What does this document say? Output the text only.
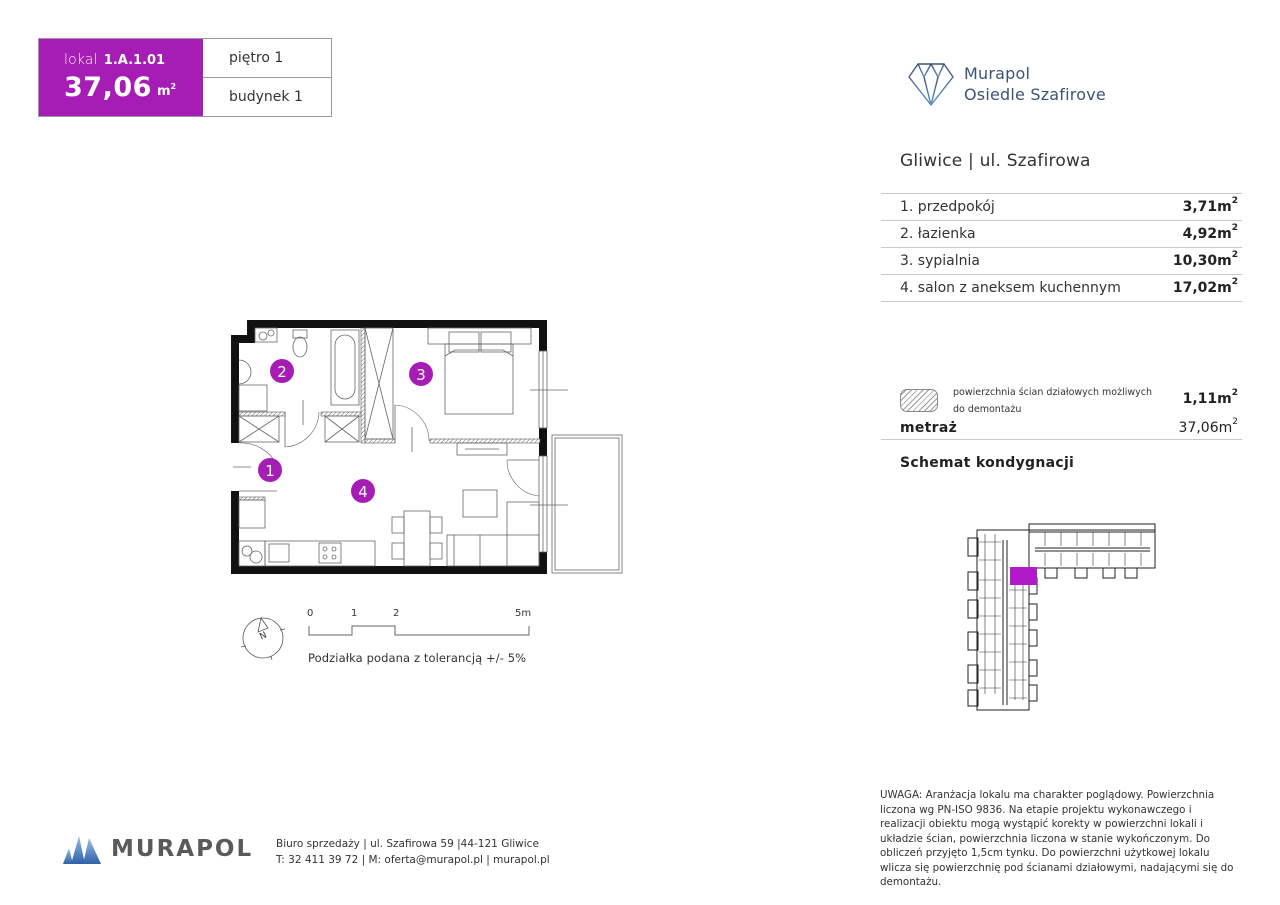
lokal 1.A.1.01
37,06 $m^2$
piętro 1
budynek 1
Murapol
Osiedle Szafirove
Gliwice | ul. Szafirowa
1. przedpokój	$3,71m^2$
2. łazienka	$4,92m^2$
3. sypialnia	$10,30m^2$
4. salon z aneksem kuchennym	$17,02m^2$
powierzchnia ścian działowych możliwych do demontażu
$1,11m^2$
metraż	$37,06m^2$
Schemat kondygnacji
2	3
1
4
N
0	1	2	5m
Podziałka podana z tolerancją +/- 5%
MURAPOL Biuro sprzedaży | ul. Szafirowa 59 |44-121 Gliwice
T: 32 411 39 72 | M: oferta@murapol.pl | murapol.pl
UWAGA: Aranżacja lokalu ma charakter poglądowy. Powierzchnia liczona wg PN-ISO 9836. Na etapie projektu wykonawczego i realizacji obiektu mogą wystąpić korekty w powierzchni lokali i układzie ścian, powierzchnia liczona w stanie wykończonym. Do obliczeń przyjęto 1,5cm tynku. Do powierzchni użytkowej lokalu wlicza się powierzchnię pod ścianami działowymi, nadającymi się do demontażu.
